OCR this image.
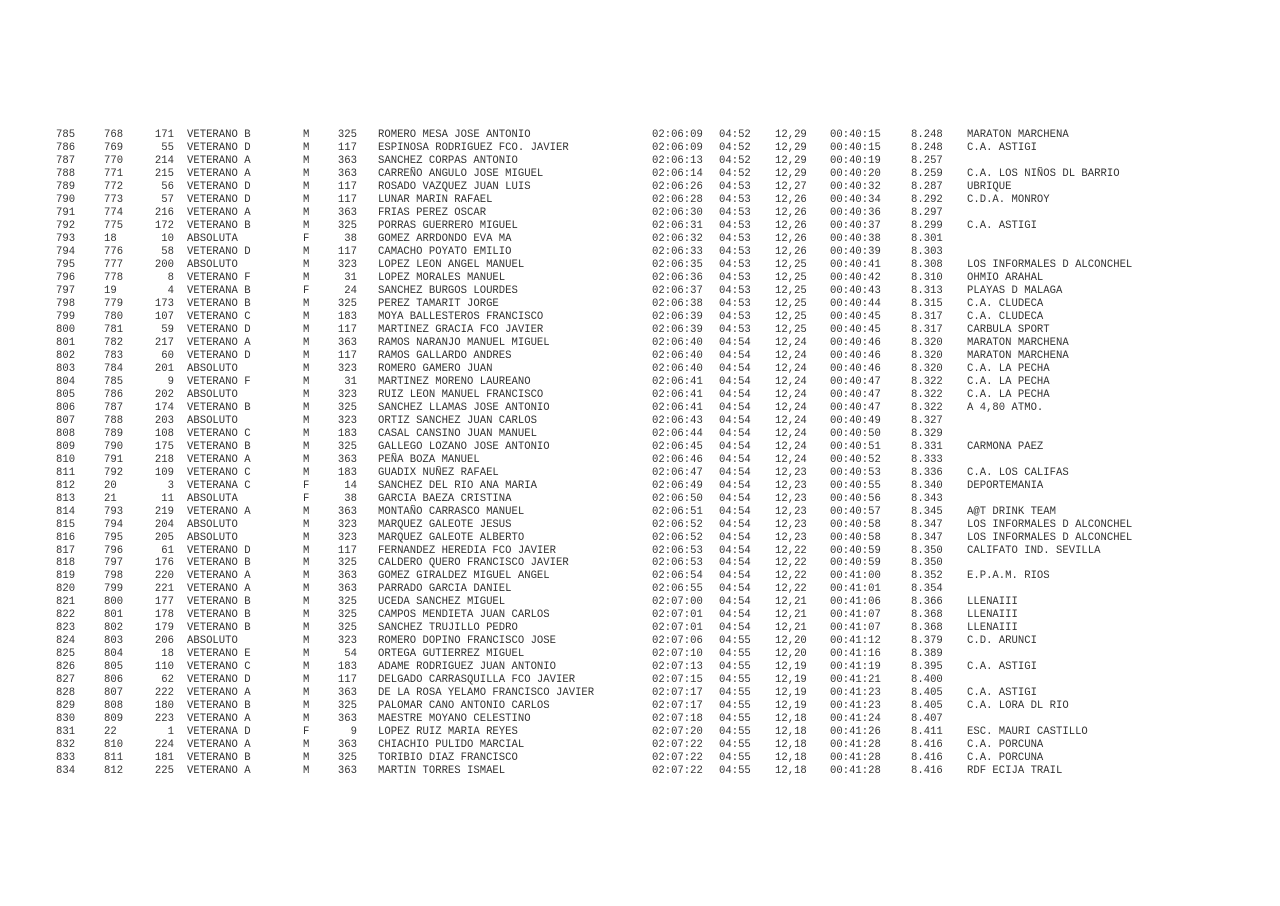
785	768	171 VETERANO B	M	325 ROMERO MESA JOSE ANTONIO	02:06:09 04:52 12,29 00:40:15	8.248 MARATON MARCHENA
786	769	55 VETERANO D	M	117 ESPINOSA RODRIGUEZ FCO. JAVIER	02:06:09 04:52 12,29 00:40:15	8.248 C.A. ASTIGI
787	770	214 VETERANO A	M	363 SANCHEZ CORPAS ANTONIO	02:06:13 04:52 12,29 00:40:19	8.257
788	771	215 VETERANO A	M	363 CARREÑO ANGULO JOSE MIGUEL	02:06:14 04:52 12,29 00:40:20	8.259 C.A. LOS NIÑOS DL BARRIO
789	772	56 VETERANO D	M	117 ROSADO VAZQUEZ JUAN LUIS	02:06:26 04:53 12,27 00:40:32	8.287 UBRIQUE
790	773	57 VETERANO D	M	117 LUNAR MARIN RAFAEL	02:06:28 04:53 12,26 00:40:34	8.292 C.D.A. MONROY
791	774	216 VETERANO A	M	363 FRIAS PEREZ OSCAR	02:06:30 04:53 12,26 00:40:36	8.297
792	775	172 VETERANO B	M	325 PORRAS GUERRERO MIGUEL	02:06:31 04:53 12,26 00:40:37	8.299 C.A. ASTIGI
793	18	10 ABSOLUTA	F	38 GOMEZ ARRDONDO EVA MA	02:06:32 04:53 12,26 00:40:38	8.301
794	776	58 VETERANO D	M	117 CAMACHO POYATO EMILIO	02:06:33 04:53 12,26 00:40:39	8.303
795	777	200 ABSOLUTO	M	323 LOPEZ LEON ANGEL MANUEL	02:06:35 04:53 12,25 00:40:41	8.308 LOS INFORMALES D ALCONCHEL
796	778	8 VETERANO F	M	31 LOPEZ MORALES MANUEL	02:06:36 04:53 12,25 00:40:42	8.310 OHMIO ARAHAL
797	19	4 VETERANA B	F	24 SANCHEZ BURGOS LOURDES	02:06:37 04:53 12,25 00:40:43	8.313 PLAYAS D MALAGA
798	779	173 VETERANO B	M	325 PEREZ TAMARIT JORGE	02:06:38 04:53 12,25 00:40:44	8.315 C.A. CLUDECA
799	780	107 VETERANO C	M	183 MOYA BALLESTEROS FRANCISCO	02:06:39 04:53 12,25 00:40:45	8.317 C.A. CLUDECA
800	781	59 VETERANO D	M	117 MARTINEZ GRACIA FCO JAVIER	02:06:39 04:53 12,25 00:40:45	8.317 CARBULA SPORT
801	782	217 VETERANO A	M	363 RAMOS NARANJO MANUEL MIGUEL	02:06:40 04:54 12,24 00:40:46	8.320 MARATON MARCHENA
802	783	60 VETERANO D	M	117 RAMOS GALLARDO ANDRES	02:06:40 04:54 12,24 00:40:46	8.320 MARATON MARCHENA
803	784	201 ABSOLUTO	M	323 ROMERO GAMERO JUAN	02:06:40 04:54 12,24 00:40:46	8.320 C.A. LA PECHA
804	785	9 VETERANO F	M	31 MARTINEZ MORENO LAUREANO	02:06:41 04:54 12,24 00:40:47	8.322 C.A. LA PECHA
805	786	202 ABSOLUTO	M	323 RUIZ LEON MANUEL FRANCISCO	02:06:41 04:54 12,24 00:40:47	8.322 C.A. LA PECHA
806	787	174 VETERANO B	M	325 SANCHEZ LLAMAS JOSE ANTONIO	02:06:41 04:54 12,24 00:40:47	8.322 A 4,80 ATMO.
807	788	203 ABSOLUTO	M	323 ORTIZ SANCHEZ JUAN CARLOS	02:06:43 04:54 12,24 00:40:49	8.327
808	789	108 VETERANO C	M	183 CASAL CANSINO JUAN MANUEL	02:06:44 04:54 12,24 00:40:50	8.329
809	790	175 VETERANO B	M	325 GALLEGO LOZANO JOSE ANTONIO	02:06:45 04:54 12,24 00:40:51	8.331 CARMONA PAEZ
810	791	218 VETERANO A	M	363 PEÑA BOZA MANUEL	02:06:46 04:54 12,24 00:40:52	8.333
811	792	109 VETERANO C	M	183 GUADIX NUÑEZ RAFAEL	02:06:47 04:54 12,23 00:40:53	8.336 C.A. LOS CALIFAS
812	20	3 VETERANA C	F	14 SANCHEZ DEL RIO ANA MARIA	02:06:49 04:54 12,23 00:40:55	8.340 DEPORTEMANIA
813	21	11 ABSOLUTA	F	38 GARCIA BAEZA CRISTINA	02:06:50 04:54 12,23 00:40:56	8.343
814	793	219 VETERANO A	M	363 MONTAÑO CARRASCO MANUEL	02:06:51 04:54 12,23 00:40:57	8.345 A@T DRINK TEAM
815	794	204 ABSOLUTO	M	323 MARQUEZ GALEOTE JESUS	02:06:52 04:54 12,23 00:40:58	8.347 LOS INFORMALES D ALCONCHEL
816	795	205 ABSOLUTO	M	323 MARQUEZ GALEOTE ALBERTO	02:06:52 04:54 12,23 00:40:58	8.347 LOS INFORMALES D ALCONCHEL
817	796	61 VETERANO D	M	117 FERNANDEZ HEREDIA FCO JAVIER	02:06:53 04:54 12,22 00:40:59	8.350 CALIFATO IND. SEVILLA
818	797	176 VETERANO B	M	325 CALDERO QUERO FRANCISCO JAVIER	02:06:53 04:54 12,22 00:40:59	8.350
819	798	220 VETERANO A	M	363 GOMEZ GIRALDEZ MIGUEL ANGEL	02:06:54 04:54 12,22 00:41:00	8.352 E.P.A.M. RIOS
820	799	221 VETERANO A	M	363 PARRADO GARCIA DANIEL	02:06:55 04:54 12,22 00:41:01	8.354
821	800	177 VETERANO B	M	325 UCEDA SANCHEZ MIGUEL	02:07:00 04:54 12,21 00:41:06	8.366 LLENAIII
822	801	178 VETERANO B	M	325 CAMPOS MENDIETA JUAN CARLOS	02:07:01 04:54 12,21 00:41:07	8.368 LLENAIII
823	802	179 VETERANO B	M	325 SANCHEZ TRUJILLO PEDRO	02:07:01 04:54 12,21 00:41:07	8.368 LLENAIII
824	803	206 ABSOLUTO	M	323 ROMERO DOPINO FRANCISCO JOSE	02:07:06 04:55 12,20 00:41:12	8.379 C.D. ARUNCI
825	804	18 VETERANO E	M	54 ORTEGA GUTIERREZ MIGUEL	02:07:10 04:55 12,20 00:41:16	8.389
826	805	110 VETERANO C	M	183 ADAME RODRIGUEZ JUAN ANTONIO	02:07:13 04:55 12,19 00:41:19	8.395 C.A. ASTIGI
827	806	62 VETERANO D	M	117 DELGADO CARRASQUILLA FCO JAVIER	02:07:15 04:55 12,19 00:41:21	8.400
828	807	222 VETERANO A	M	363 DE LA ROSA YELAMO FRANCISCO JAVIER	02:07:17 04:55 12,19 00:41:23	8.405 C.A. ASTIGI
829	808	180 VETERANO B	M	325 PALOMAR CANO ANTONIO CARLOS	02:07:17 04:55 12,19 00:41:23	8.405 C.A. LORA DL RIO
830	809	223 VETERANO A	M	363 MAESTRE MOYANO CELESTINO	02:07:18 04:55 12,18 00:41:24	8.407
831	22	1 VETERANA D	F	9 LOPEZ RUIZ MARIA REYES	02:07:20 04:55 12,18 00:41:26	8.411 ESC. MAURI CASTILLO
832	810	224 VETERANO A	M	363 CHIACHIO PULIDO MARCIAL	02:07:22 04:55 12,18 00:41:28	8.416 C.A. PORCUNA
833	811	181 VETERANO B	M	325 TORIBIO DIAZ FRANCISCO	02:07:22 04:55 12,18 00:41:28	8.416 C.A. PORCUNA
834	812	225 VETERANO A	M	363 MARTIN TORRES ISMAEL	02:07:22 04:55 12,18 00:41:28	8.416 RDF ECIJA TRAIL
